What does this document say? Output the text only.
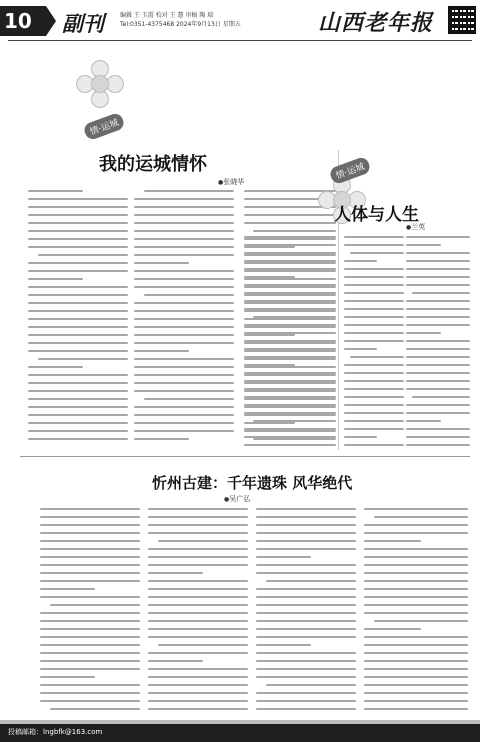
10	副刊	编辑 王 玉霞 校对 王 慧 审稿 陶 瑞
Tel:0351-4375468 2024年9月13日 星期五	山西老年报
情·运城
我的运城情怀
● 张晓华
情·运城
人体与人生
● 兰英
忻州古建：千年遗珠 风华绝代
● 吴广弘
投稿邮箱：lngbfk@163.com
